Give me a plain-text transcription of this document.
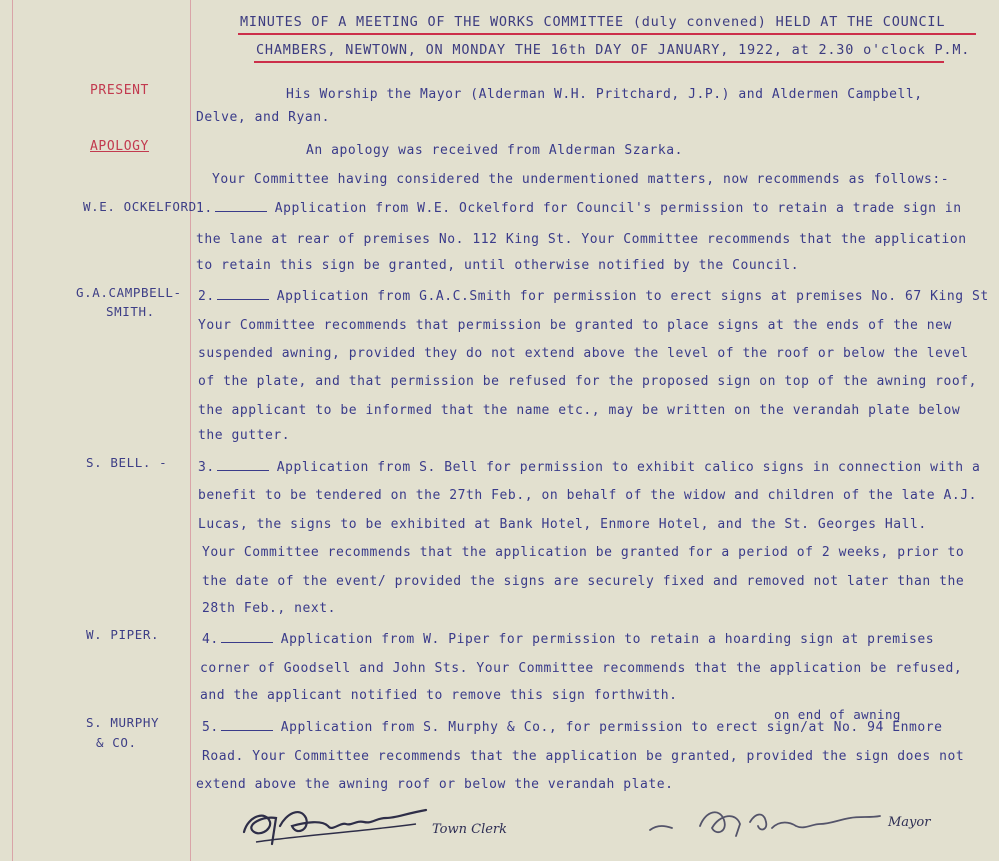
MINUTES OF A MEETING OF THE WORKS COMMITTEE (duly convened) HELD AT THE COUNCIL
CHAMBERS, NEWTOWN, ON MONDAY THE 16th DAY OF JANUARY, 1922, at 2.30 o'clock P.M.
PRESENT	His Worship the Mayor (Alderman W.H. Pritchard, J.P.) and Aldermen Campbell,
Delve, and Ryan.
APOLOGY	An apology was received from Alderman Szarka.
Your Committee having considered the undermentioned matters, now recommends as follows:-
W.E. OCKELFORD 1.	Application from W.E. Ockelford for Council's permission to retain a trade sign in
the lane at rear of premises No. 112 King St. Your Committee recommends that the application
to retain this sign be granted, until otherwise notified by the Council.
G.A.CAMPBELL-
SMITH.
2.	Application from G.A.C.Smith for permission to erect signs at premises No. 67 King St
Your Committee recommends that permission be granted to place signs at the ends of the new
suspended awning, provided they do not extend above the level of the roof or below the level
of the plate, and that permission be refused for the proposed sign on top of the awning roof,
the applicant to be informed that the name etc., may be written on the verandah plate below
the gutter.
S. BELL. - 3.	Application from S. Bell for permission to exhibit calico signs in connection with a
benefit to be tendered on the 27th Feb., on behalf of the widow and children of the late A.J.
Lucas, the signs to be exhibited at Bank Hotel, Enmore Hotel, and the St. Georges Hall.
Your Committee recommends that the application be granted for a period of 2 weeks, prior to
the date of the event/ provided the signs are securely fixed and removed not later than the
28th Feb., next.
W. PIPER.	4.	Application from W. Piper for permission to retain a hoarding sign at premises
corner of Goodsell and John Sts. Your Committee recommends that the application be refused,
and the applicant notified to remove this sign forthwith.
S. MURPHY
& CO.
on end of awning
5.	Application from S. Murphy & Co., for permission to erect sign/at No. 94 Enmore
Road. Your Committee recommends that the application be granted, provided the sign does not
extend above the awning roof or below the verandah plate.
Town Clerk	Mayor
